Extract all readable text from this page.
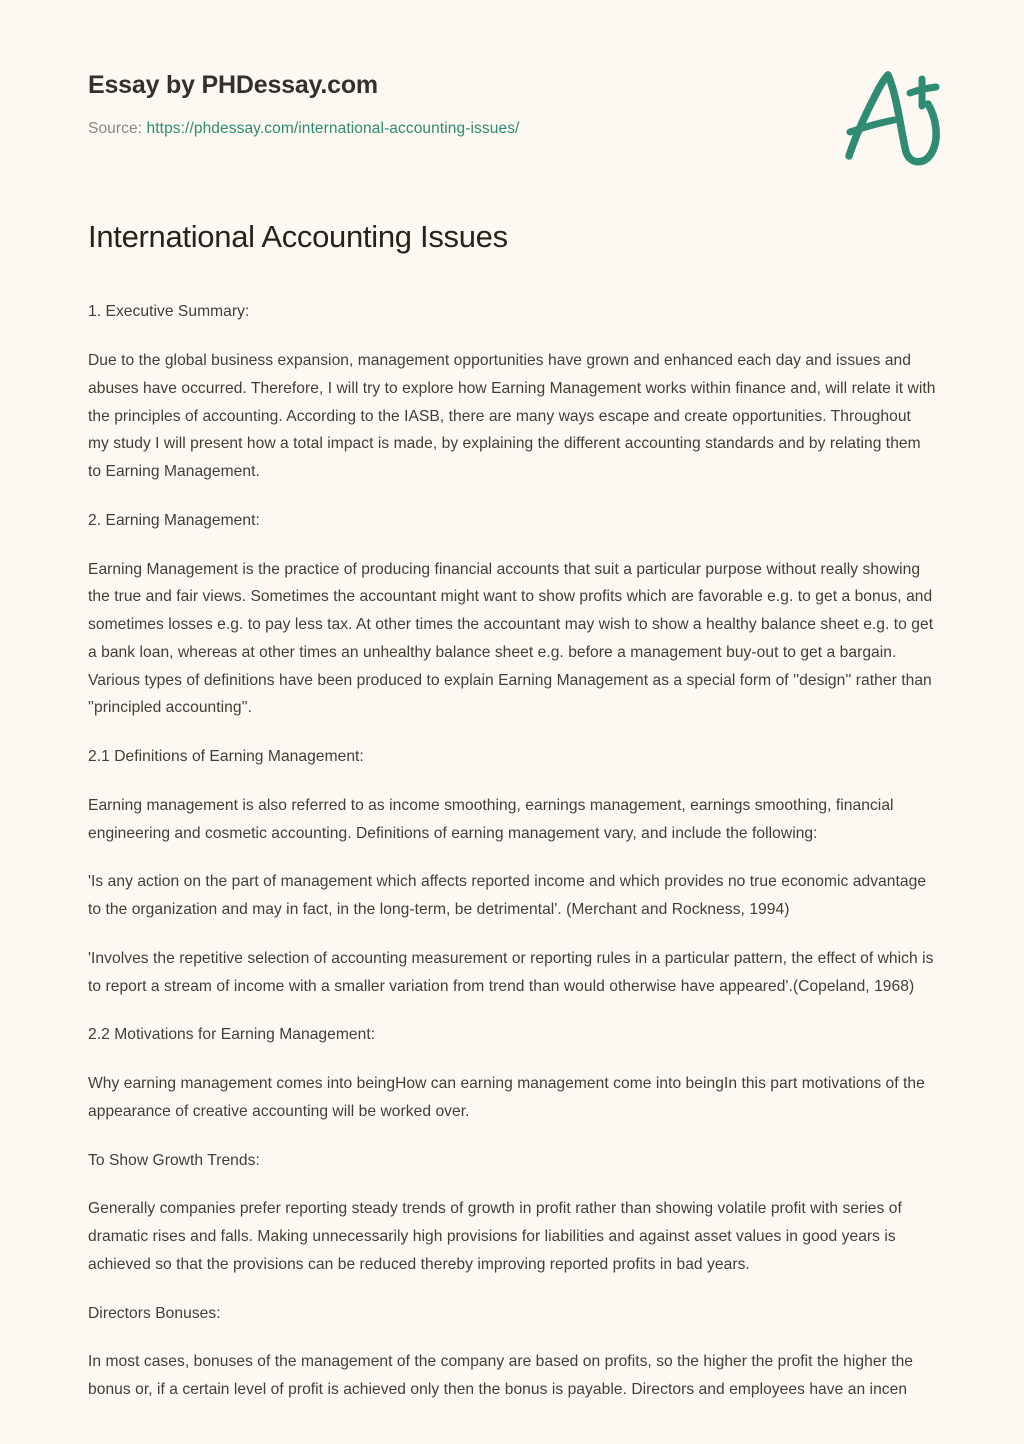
Essay by PHDessay.com
Source: https://phdessay.com/international-accounting-issues/
International Accounting Issues

1. Executive Summary:

Due to the global business expansion, management opportunities have grown and enhanced each day and issues and abuses have occurred. Therefore, I will try to explore how Earning Management works within finance and, will relate it with the principles of accounting. According to the IASB, there are many ways escape and create opportunities. Throughout my study I will present how a total impact is made, by explaining the different accounting standards and by relating them to Earning Management.

2. Earning Management:

Earning Management is the practice of producing financial accounts that suit a particular purpose without really showing the true and fair views. Sometimes the accountant might want to show profits which are favorable e.g. to get a bonus, and sometimes losses e.g. to pay less tax. At other times the accountant may wish to show a healthy balance sheet e.g. to get a bank loan, whereas at other times an unhealthy balance sheet e.g. before a management buy-out to get a bargain. Various types of definitions have been produced to explain Earning Management as a special form of ''design'' rather than ''principled accounting''.

2.1 Definitions of Earning Management:

Earning management is also referred to as income smoothing, earnings management, earnings smoothing, financial engineering and cosmetic accounting. Definitions of earning management vary, and include the following:

'Is any action on the part of management which affects reported income and which provides no true economic advantage to the organization and may in fact, in the long-term, be detrimental'. (Merchant and Rockness, 1994)

'Involves the repetitive selection of accounting measurement or reporting rules in a particular pattern, the effect of which is to report a stream of income with a smaller variation from trend than would otherwise have appeared'.(Copeland, 1968)

2.2 Motivations for Earning Management:

Why earning management comes into beingHow can earning management come into beingIn this part motivations of the appearance of creative accounting will be worked over.

To Show Growth Trends:

Generally companies prefer reporting steady trends of growth in profit rather than showing volatile profit with series of dramatic rises and falls. Making unnecessarily high provisions for liabilities and against asset values in good years is achieved so that the provisions can be reduced thereby improving reported profits in bad years.

Directors Bonuses:

In most cases, bonuses of the management of the company are based on profits, so the higher the profit the higher the bonus or, if a certain level of profit is achieved only then the bonus is payable. Directors and employees have an incen
